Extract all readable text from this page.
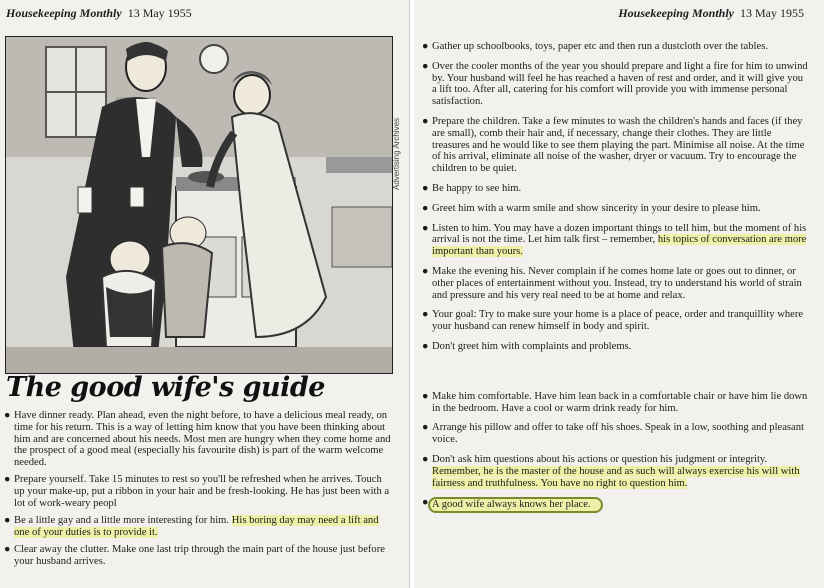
Housekeeping Monthly 13 May 1955
Advertising Archives
The good wife's guide
● Have dinner ready. Plan ahead, even the night before, to have a delicious meal ready, on time for his return. This is a way of letting him know that you have been thinking about him and are concerned about his needs. Most men are hungry when they come home and the prospect of a good meal (especially his favourite dish) is part of the warm welcome needed.
● Prepare yourself. Take 15 minutes to rest so you'll be refreshed when he arrives. Touch up your make-up, put a ribbon in your hair and be fresh-looking. He has just been with a lot of work-weary peopl
● Be a little gay and a little more interesting for him. His boring day may need a lift and one of your duties is to provide it.
● Clear away the clutter. Make one last trip through the main part of the house just before your husband arrives.
Housekeeping Monthly 13 May 1955
● Gather up schoolbooks, toys, paper etc and then run a dustcloth over the tables.
● Over the cooler months of the year you should prepare and light a fire for him to unwind by. Your husband will feel he has reached a haven of rest and order, and it will give you a lift too. After all, catering for his comfort will provide you with immense personal satisfaction.
● Prepare the children. Take a few minutes to wash the children's hands and faces (if they are small), comb their hair and, if necessary, change their clothes. They are little treasures and he would like to see them playing the part. Minimise all noise. At the time of his arrival, eliminate all noise of the washer, dryer or vacuum. Try to encourage the children to be quiet.
● Be happy to see him.
● Greet him with a warm smile and show sincerity in your desire to please him.
● Listen to him. You may have a dozen important things to tell him, but the moment of his arrival is not the time. Let him talk first – remember, his topics of conversation are more important than yours.
● Make the evening his. Never complain if he comes home late or goes out to dinner, or other places of entertainment without you. Instead, try to understand his world of strain and pressure and his very real need to be at home and relax.
● Your goal: Try to make sure your home is a place of peace, order and tranquillity where your husband can renew himself in body and spirit.
● Don't greet him with complaints and problems.
● Make him comfortable. Have him lean back in a comfortable chair or have him lie down in the bedroom. Have a cool or warm drink ready for him.
● Arrange his pillow and offer to take off his shoes. Speak in a low, soothing and pleasant voice.
● Don't ask him questions about his actions or question his judgment or integrity. Remember, he is the master of the house and as such will always exercise his will with fairness and truthfulness. You have no right to question him.
● A good wife always knows her place.
